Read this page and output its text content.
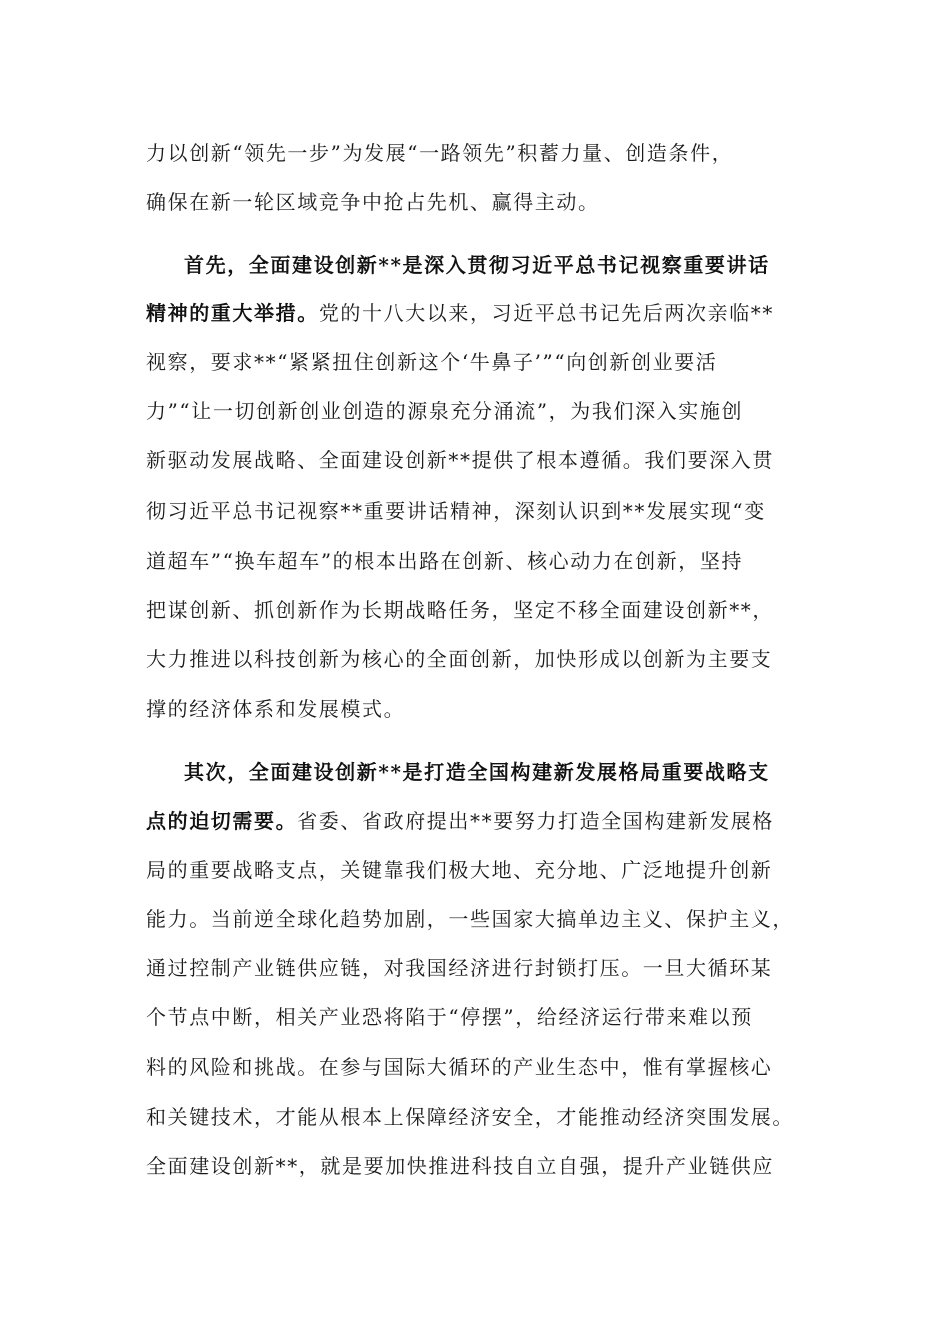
力以创新“领先一步”为发展“一路领先”积蓄力量、创造条件，
确保在新一轮区域竞争中抢占先机、赢得主动。
首先，全面建设创新**是深入贯彻习近平总书记视察重要讲话
精神的重大举措。党的十八大以来，习近平总书记先后两次亲临**
视察，要求**“紧紧扭住创新这个‘牛鼻子’”“向创新创业要活
力”“让一切创新创业创造的源泉充分涌流”，为我们深入实施创
新驱动发展战略、全面建设创新**提供了根本遵循。我们要深入贯
彻习近平总书记视察**重要讲话精神，深刻认识到**发展实现“变
道超车”“换车超车”的根本出路在创新、核心动力在创新，坚持
把谋创新、抓创新作为长期战略任务，坚定不移全面建设创新**，
大力推进以科技创新为核心的全面创新，加快形成以创新为主要支
撑的经济体系和发展模式。
其次，全面建设创新**是打造全国构建新发展格局重要战略支
点的迫切需要。省委、省政府提出**要努力打造全国构建新发展格
局的重要战略支点，关键靠我们极大地、充分地、广泛地提升创新
能力。当前逆全球化趋势加剧，一些国家大搞单边主义、保护主义，
通过控制产业链供应链，对我国经济进行封锁打压。一旦大循环某
个节点中断，相关产业恐将陷于“停摆”，给经济运行带来难以预
料的风险和挑战。在参与国际大循环的产业生态中，惟有掌握核心
和关键技术，才能从根本上保障经济安全，才能推动经济突围发展。
全面建设创新**，就是要加快推进科技自立自强，提升产业链供应
